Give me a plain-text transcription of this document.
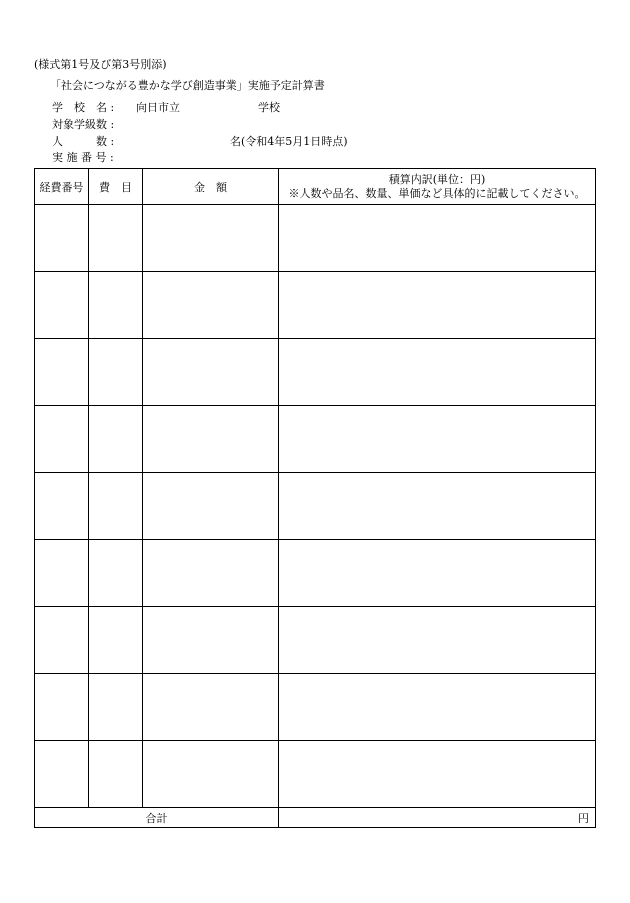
(様式第1号及び第3号別添)
「社会につながる豊かな学び創造事業」実施予定計算書
学　校　名 : 向日市立	学校
対象学級数 :
人　　　数 :	名(令和4年5月1日時点)
実 施 番 号 :
経費番号	費　目	金　額	積算内訳(単位：円)
※人数や品名、数量、単価など具体的に記載してください。

合計			円
